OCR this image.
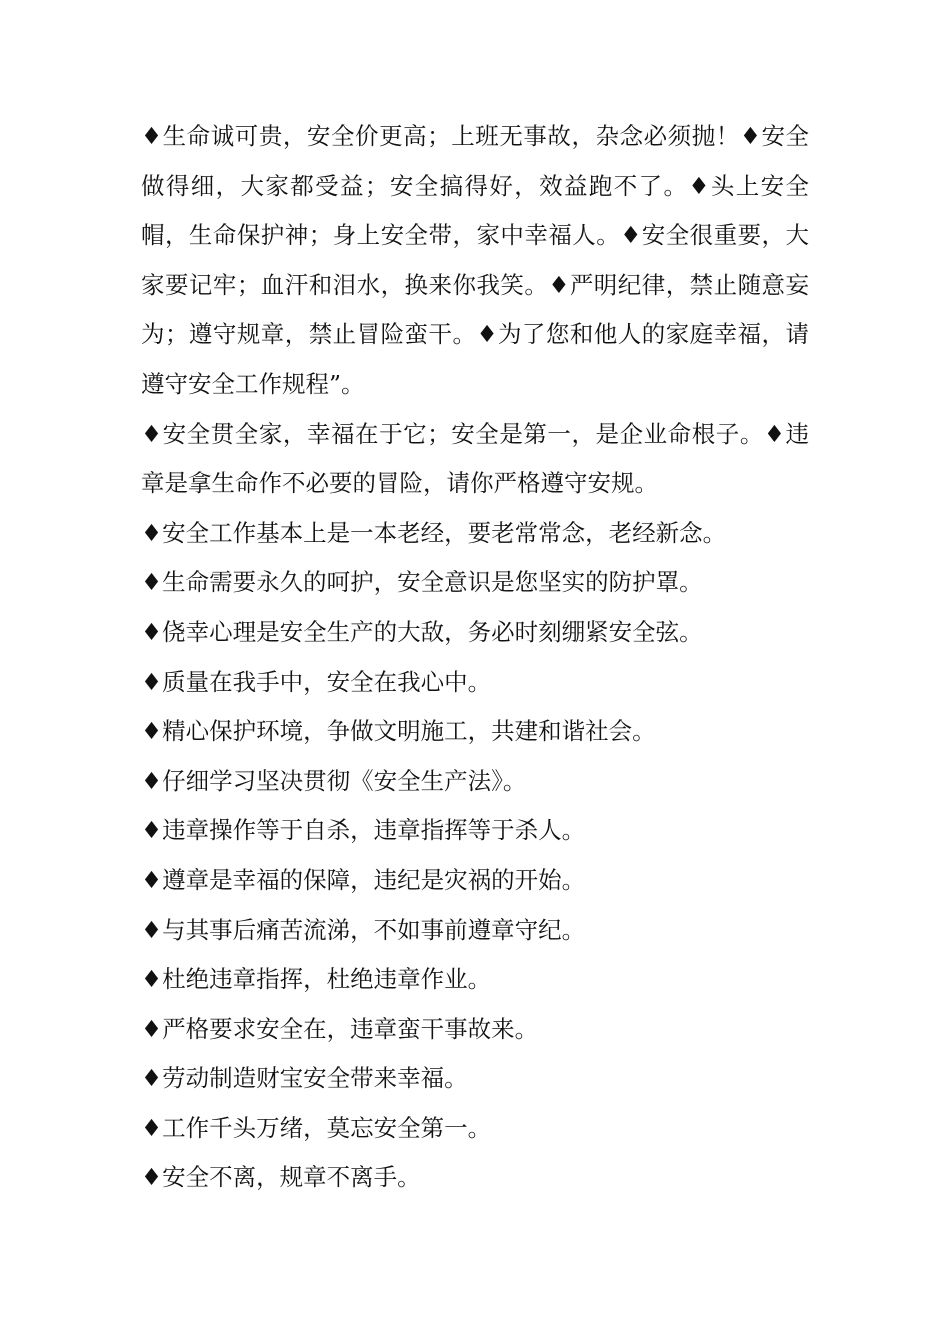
♦生命诚可贵，安全价更高；上班无事故，杂念必须抛！♦安全做得细，大家都受益；安全搞得好，效益跑不了。♦头上安全帽，生命保护神；身上安全带，家中幸福人。♦安全很重要，大家要记牢；血汗和泪水，换来你我笑。♦严明纪律，禁止随意妄为；遵守规章，禁止冒险蛮干。♦为了您和他人的家庭幸福，请遵守安全工作规程”。

♦安全贯全家，幸福在于它；安全是第一，是企业命根子。♦违章是拿生命作不必要的冒险，请你严格遵守安规。

♦安全工作基本上是一本老经，要老常常念，老经新念。

♦生命需要永久的呵护，安全意识是您坚实的防护罩。

♦侥幸心理是安全生产的大敌，务必时刻绷紧安全弦。

♦质量在我手中，安全在我心中。

♦精心保护环境，争做文明施工，共建和谐社会。

♦仔细学习坚决贯彻《安全生产法》。

♦违章操作等于自杀，违章指挥等于杀人。

♦遵章是幸福的保障，违纪是灾祸的开始。

♦与其事后痛苦流涕，不如事前遵章守纪。

♦杜绝违章指挥，杜绝违章作业。

♦严格要求安全在，违章蛮干事故来。

♦劳动制造财宝安全带来幸福。

♦工作千头万绪，莫忘安全第一。

♦安全不离，规章不离手。
